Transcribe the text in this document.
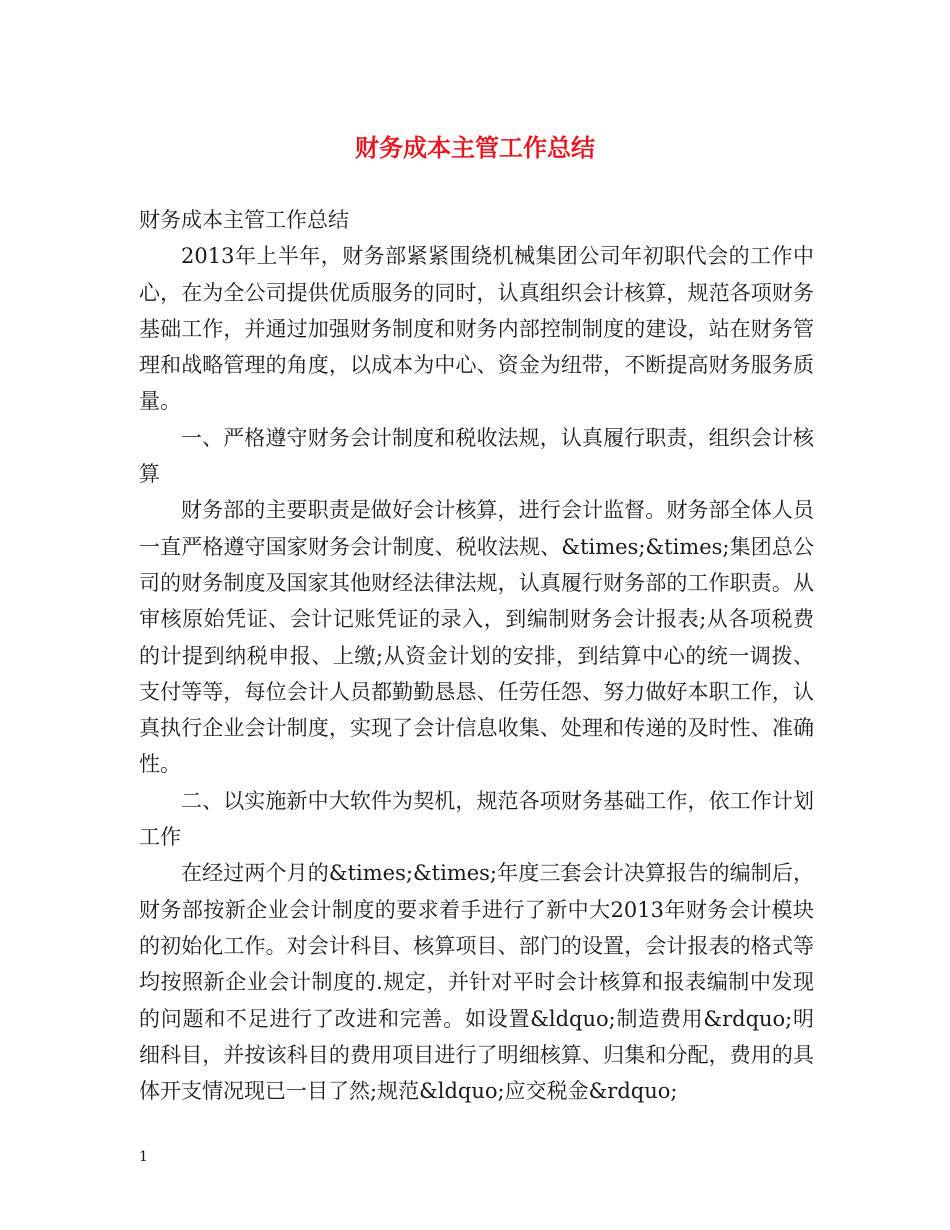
财务成本主管工作总结

财务成本主管工作总结

2013年上半年，财务部紧紧围绕机械集团公司年初职代会的工作中心，在为全公司提供优质服务的同时，认真组织会计核算，规范各项财务基础工作，并通过加强财务制度和财务内部控制制度的建设，站在财务管理和战略管理的角度，以成本为中心、资金为纽带，不断提高财务服务质量。

一、严格遵守财务会计制度和税收法规，认真履行职责，组织会计核算

财务部的主要职责是做好会计核算，进行会计监督。财务部全体人员一直严格遵守国家财务会计制度、税收法规、&times;&times;集团总公司的财务制度及国家其他财经法律法规，认真履行财务部的工作职责。从审核原始凭证、会计记账凭证的录入，到编制财务会计报表;从各项税费的计提到纳税申报、上缴;从资金计划的安排，到结算中心的统一调拨、支付等等，每位会计人员都勤勤恳恳、任劳任怨、努力做好本职工作，认真执行企业会计制度，实现了会计信息收集、处理和传递的及时性、准确性。

二、以实施新中大软件为契机，规范各项财务基础工作，依工作计划工作

在经过两个月的&times;&times;年度三套会计决算报告的编制后，财务部按新企业会计制度的要求着手进行了新中大2013年财务会计模块的初始化工作。对会计科目、核算项目、部门的设置，会计报表的格式等均按照新企业会计制度的.规定，并针对平时会计核算和报表编制中发现的问题和不足进行了改进和完善。如设置&ldquo;制造费用&rdquo;明细科目，并按该科目的费用项目进行了明细核算、归集和分配，费用的具体开支情况现已一目了然;规范&ldquo;应交税金&rdquo;

1
